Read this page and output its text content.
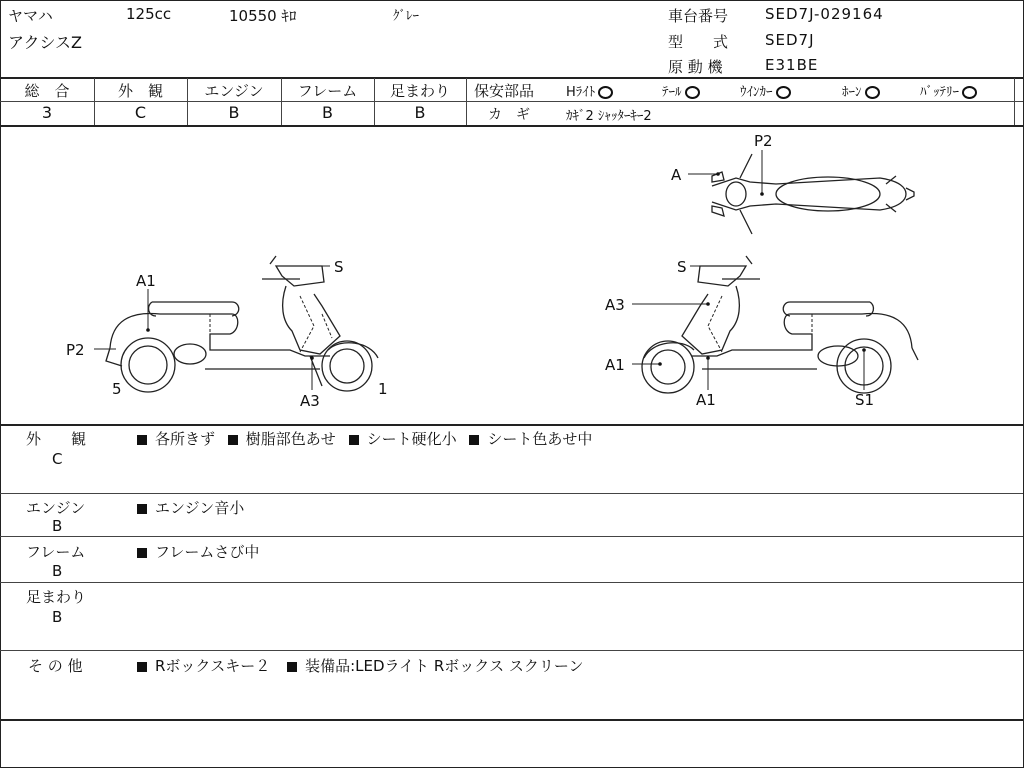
ヤマハ	125cc	10550 ｷﾛ	ｸﾞﾚｰ
アクシスZ
車台番号 SED7J-029164
型　　式 SED7J
原 動 機	E31BE
総　合	外　観	エンジン	フレーム	足まわり
3	C	B	B	B
保安部品 Hﾗｲﾄ	ﾃｰﾙ	ｳｲﾝｶｰ	ﾎｰﾝ	ﾊﾞｯﾃﾘｰ
カ　ギ	ｶｷﾞ2 ｼｬｯﾀｰｷｰ2
A1
P2
5
S
A3
1
S
A3
A1
A1	S1
P2
A
外　　観
C
各所きず 樹脂部色あせ シート硬化小 シート色あせ中
エンジン
B
エンジン音小
フレーム
B
フレームさび中
足まわり
B
そ の 他	Rボックスキー２ 装備品:LEDライト Rボックス スクリーン
